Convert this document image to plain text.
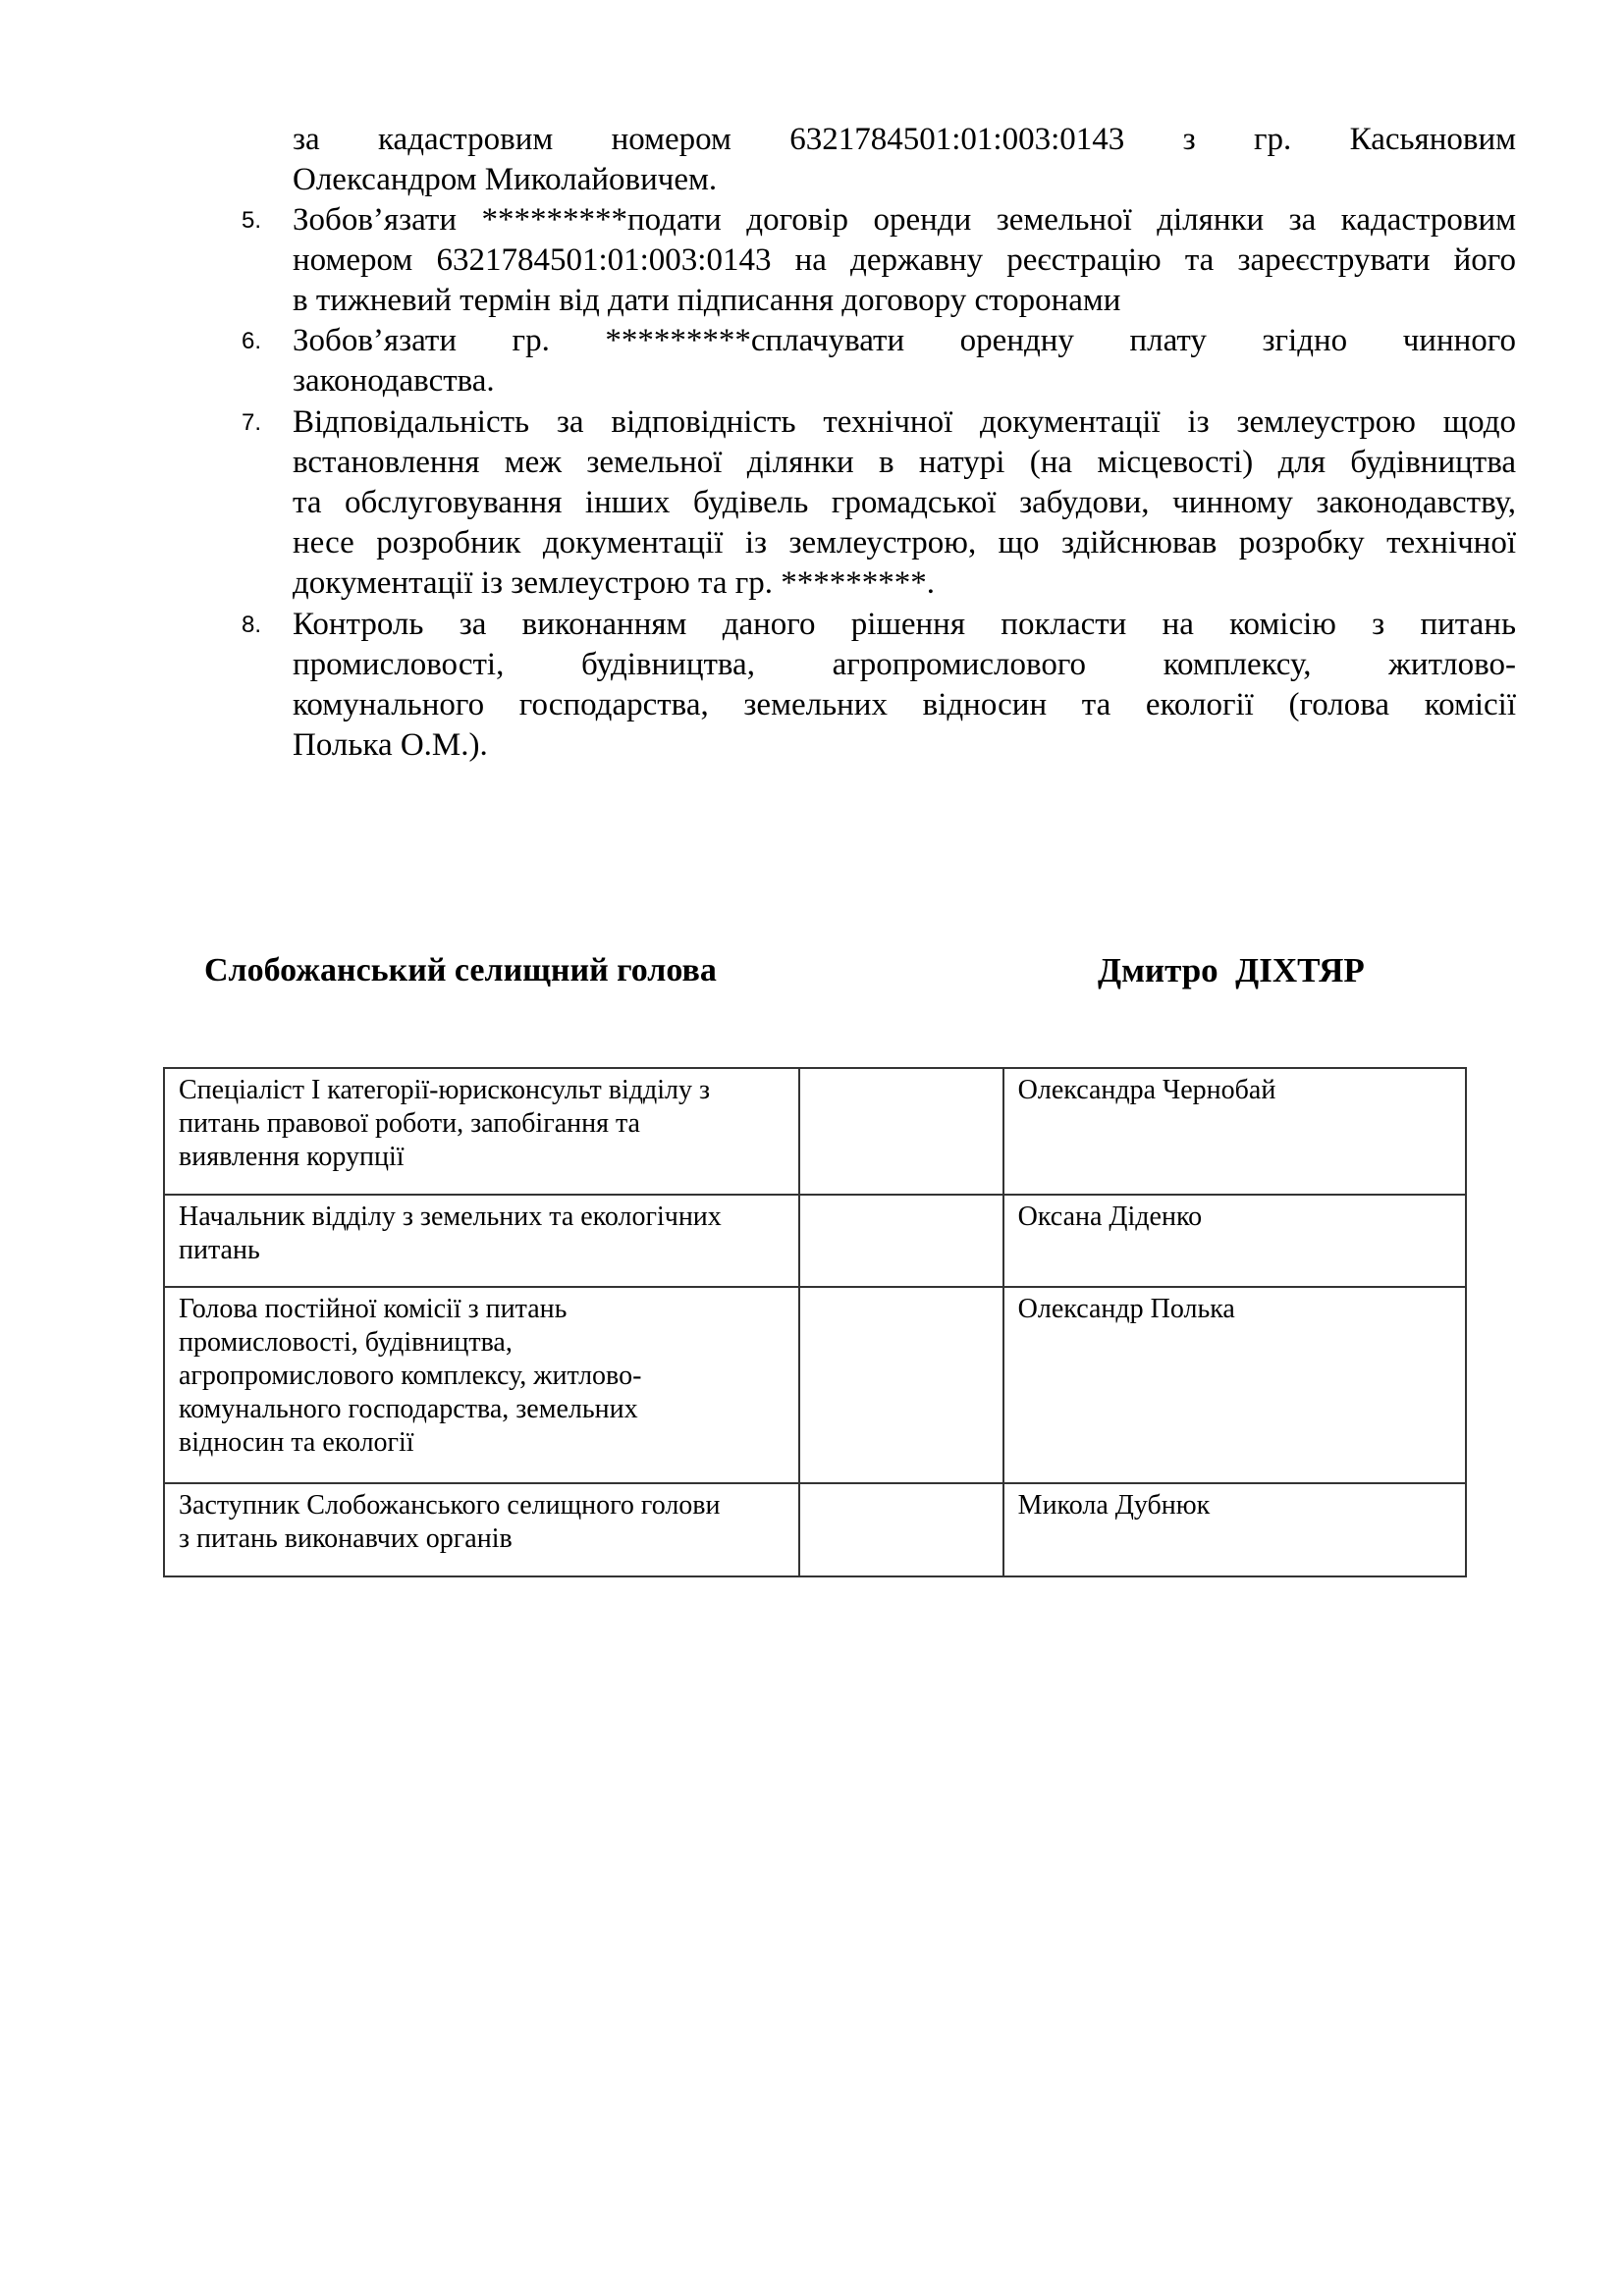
за кадастровим номером 6321784501:01:003:0143 з гр. Касьяновим
Олександром Миколайовичем.
5. Зобов’язати *********подати договір оренди земельної ділянки за кадастровим
номером 6321784501:01:003:0143 на державну реєстрацію та зареєструвати його
в тижневий термін від дати підписання договору сторонами
6. Зобов’язати гр. *********сплачувати орендну плату згідно чинного
законодавства.
7. Відповідальність за відповідність технічної документації із землеустрою щодо
встановлення меж земельної ділянки в натурі (на місцевості) для будівництва
та обслуговування інших будівель громадської забудови, чинному законодавству,
несе розробник документації із землеустрою, що здійснював розробку технічної
документації із землеустрою та гр. *********.
8. Контроль за виконанням даного рішення покласти на комісію з питань
промисловості, будівництва, агропромислового комплексу, житлово-
комунального господарства, земельних відносин та екології (голова комісії
Полька О.М.).
Слобожанський селищний голова	Дмитро  ДІХТЯР
Спеціаліст І категорії-юрисконсульт відділу з
питань правової роботи, запобігання та
виявлення корупції		Олександра Чернобай

Начальник відділу з земельних та екологічних
питань		Оксана Діденко

Голова постійної комісії з питань
промисловості, будівництва,
агропромислового комплексу, житлово-
комунального господарства, земельних
відносин та екології		Олександр Полька

Заступник Слобожанського селищного голови
з питань виконавчих органів		Микола Дубнюк
